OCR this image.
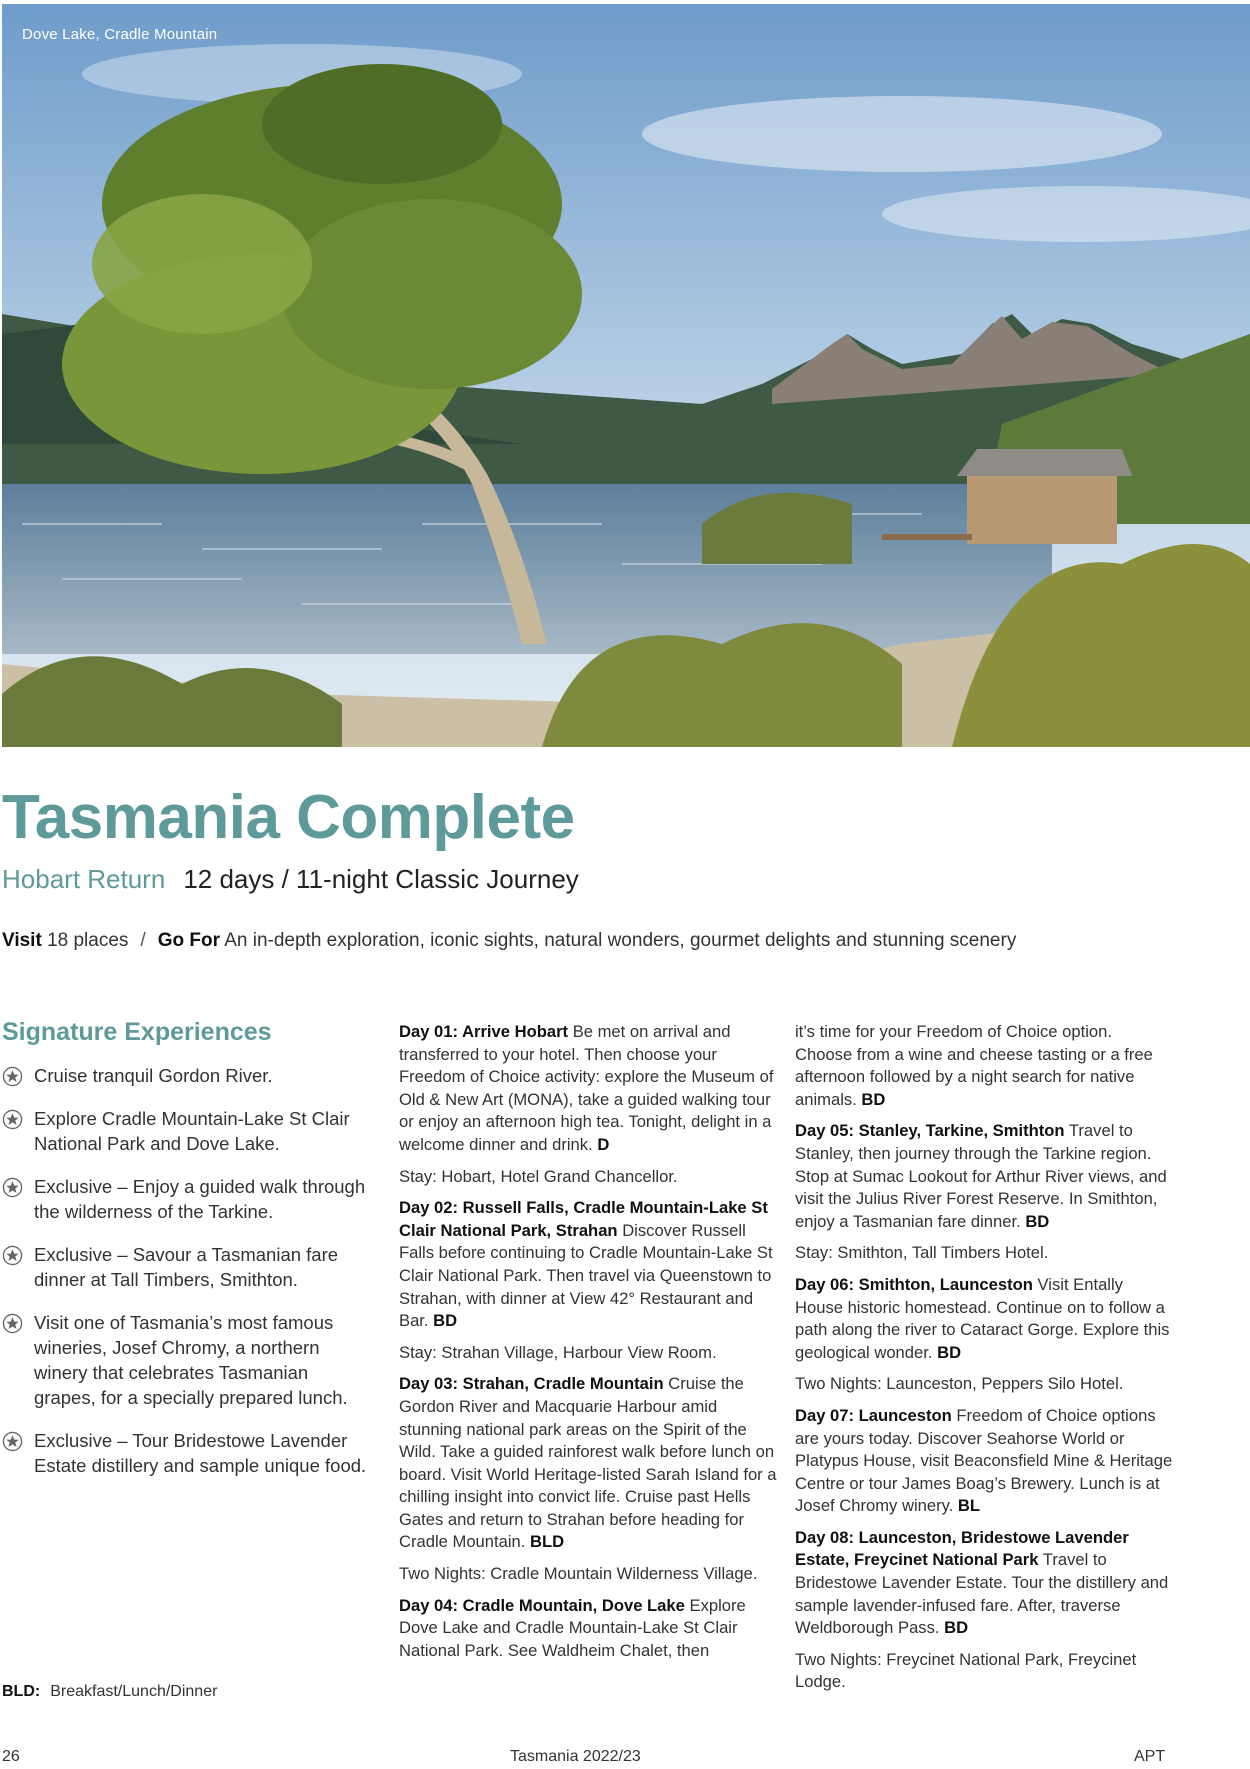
Dove Lake, Cradle Mountain
Tasmania Complete
Hobart Return 12 days / 11-night Classic Journey
Visit 18 places / Go For An in-depth exploration, iconic sights, natural wonders, gourmet delights and stunning scenery
Signature Experiences
Cruise tranquil Gordon River.
Explore Cradle Mountain-Lake St Clair National Park and Dove Lake.
Exclusive – Enjoy a guided walk through the wilderness of the Tarkine.
Exclusive – Savour a Tasmanian fare dinner at Tall Timbers, Smithton.
Visit one of Tasmania’s most famous wineries, Josef Chromy, a northern winery that celebrates Tasmanian grapes, for a specially prepared lunch.
Exclusive – Tour Bridestowe Lavender Estate distillery and sample unique food.
BLD: Breakfast/Lunch/Dinner

Day 01: Arrive Hobart Be met on arrival and transferred to your hotel. Then choose your Freedom of Choice activity: explore the Museum of Old & New Art (MONA), take a guided walking tour or enjoy an afternoon high tea. Tonight, delight in a welcome dinner and drink. D

Stay: Hobart, Hotel Grand Chancellor.

Day 02: Russell Falls, Cradle Mountain-Lake St Clair National Park, Strahan Discover Russell Falls before continuing to Cradle Mountain-Lake St Clair National Park. Then travel via Queenstown to Strahan, with dinner at View 42° Restaurant and Bar. BD

Stay: Strahan Village, Harbour View Room.

Day 03: Strahan, Cradle Mountain Cruise the Gordon River and Macquarie Harbour amid stunning national park areas on the Spirit of the Wild. Take a guided rainforest walk before lunch on board. Visit World Heritage-listed Sarah Island for a chilling insight into convict life. Cruise past Hells Gates and return to Strahan before heading for Cradle Mountain. BLD

Two Nights: Cradle Mountain Wilderness Village.

Day 04: Cradle Mountain, Dove Lake Explore Dove Lake and Cradle Mountain-Lake St Clair National Park. See Waldheim Chalet, then

it’s time for your Freedom of Choice option. Choose from a wine and cheese tasting or a free afternoon followed by a night search for native animals. BD

Day 05: Stanley, Tarkine, Smithton Travel to Stanley, then journey through the Tarkine region. Stop at Sumac Lookout for Arthur River views, and visit the Julius River Forest Reserve. In Smithton, enjoy a Tasmanian fare dinner. BD

Stay: Smithton, Tall Timbers Hotel.

Day 06: Smithton, Launceston Visit Entally House historic homestead. Continue on to follow a path along the river to Cataract Gorge. Explore this geological wonder. BD

Two Nights: Launceston, Peppers Silo Hotel.

Day 07: Launceston Freedom of Choice options are yours today. Discover Seahorse World or Platypus House, visit Beaconsfield Mine & Heritage Centre or tour James Boag’s Brewery. Lunch is at Josef Chromy winery. BL

Day 08: Launceston, Bridestowe Lavender Estate, Freycinet National Park Travel to Bridestowe Lavender Estate. Tour the distillery and sample lavender-infused fare. After, traverse Weldborough Pass. BD

Two Nights: Freycinet National Park, Freycinet Lodge.

26	Tasmania 2022/23	APT
